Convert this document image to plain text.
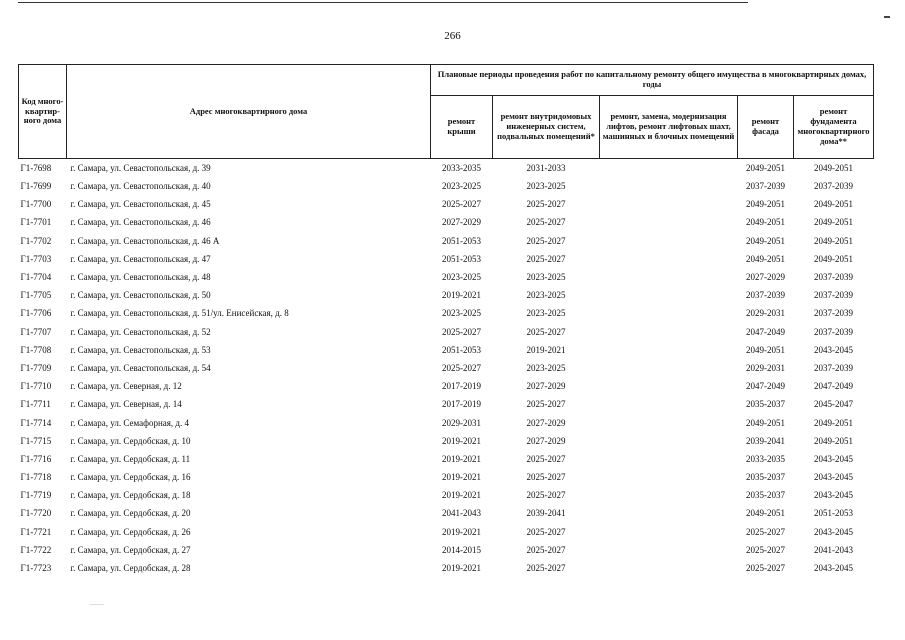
266
Код много-квартир-ного дома	Адрес многоквартирного дома	Плановые периоды проведения работ по капитальному ремонту общего имущества в многоквартирных домах, годы				
		ремонт крыши	ремонт внутридомовых инженерных систем, подвальных помещений*	ремонт, замена, модернизация лифтов, ремонт лифтовых шахт, машинных и блочных помещений	ремонт фасада	ремонт фундамента многоквартирного дома**
Г1-7698	г. Самара, ул. Севастопольская, д. 39	2033-2035	2031-2033		2049-2051	2049-2051
Г1-7699	г. Самара, ул. Севастопольская, д. 40	2023-2025	2023-2025		2037-2039	2037-2039
Г1-7700	г. Самара, ул. Севастопольская, д. 45	2025-2027	2025-2027		2049-2051	2049-2051
Г1-7701	г. Самара, ул. Севастопольская, д. 46	2027-2029	2025-2027		2049-2051	2049-2051
Г1-7702	г. Самара, ул. Севастопольская, д. 46 А	2051-2053	2025-2027		2049-2051	2049-2051
Г1-7703	г. Самара, ул. Севастопольская, д. 47	2051-2053	2025-2027		2049-2051	2049-2051
Г1-7704	г. Самара, ул. Севастопольская, д. 48	2023-2025	2023-2025		2027-2029	2037-2039
Г1-7705	г. Самара, ул. Севастопольская, д. 50	2019-2021	2023-2025		2037-2039	2037-2039
Г1-7706	г. Самара, ул. Севастопольская, д. 51/ул. Енисейская, д. 8	2023-2025	2023-2025		2029-2031	2037-2039
Г1-7707	г. Самара, ул. Севастопольская, д. 52	2025-2027	2025-2027		2047-2049	2037-2039
Г1-7708	г. Самара, ул. Севастопольская, д. 53	2051-2053	2019-2021		2049-2051	2043-2045
Г1-7709	г. Самара, ул. Севастопольская, д. 54	2025-2027	2023-2025		2029-2031	2037-2039
Г1-7710	г. Самара, ул. Северная, д. 12	2017-2019	2027-2029		2047-2049	2047-2049
Г1-7711	г. Самара, ул. Северная, д. 14	2017-2019	2025-2027		2035-2037	2045-2047
Г1-7714	г. Самара, ул. Семафорная, д. 4	2029-2031	2027-2029		2049-2051	2049-2051
Г1-7715	г. Самара, ул. Сердобская, д. 10	2019-2021	2027-2029		2039-2041	2049-2051
Г1-7716	г. Самара, ул. Сердобская, д. 11	2019-2021	2025-2027		2033-2035	2043-2045
Г1-7718	г. Самара, ул. Сердобская, д. 16	2019-2021	2025-2027		2035-2037	2043-2045
Г1-7719	г. Самара, ул. Сердобская, д. 18	2019-2021	2025-2027		2035-2037	2043-2045
Г1-7720	г. Самара, ул. Сердобская, д. 20	2041-2043	2039-2041		2049-2051	2051-2053
Г1-7721	г. Самара, ул. Сердобская, д. 26	2019-2021	2025-2027		2025-2027	2043-2045
Г1-7722	г. Самара, ул. Сердобская, д. 27	2014-2015	2025-2027		2025-2027	2041-2043
Г1-7723	г. Самара, ул. Сердобская, д. 28	2019-2021	2025-2027		2025-2027	2043-2045
